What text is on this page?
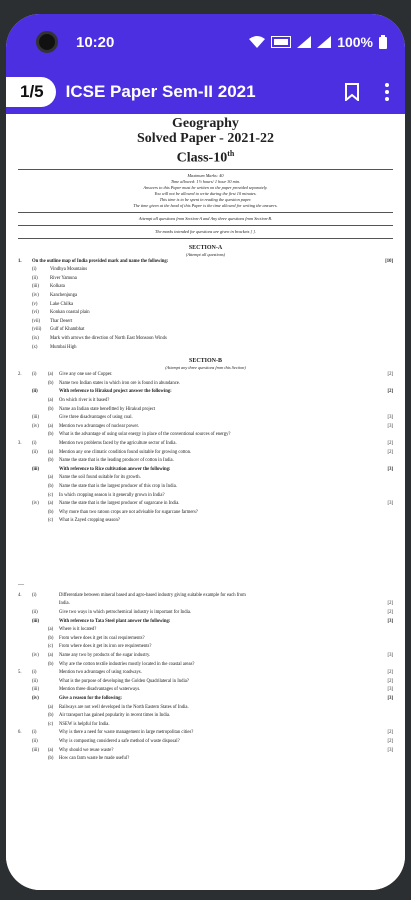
10:20	100%
1/5	ICSE Paper Sem-II 2021
Geography
Solved Paper - 2021-22
Class-10th
Maximum Marks: 40
Time allowed: 1½ hours/ 1 hour 30 min.
Answers to this Paper must be written on the paper provided separately.
You will not be allowed to write during the first 10 minutes.
This time is to be spent in reading the question paper.
The time given at the head of this Paper is the time allowed for writing the answers.
Attempt all questions from Section-A and Any three questions from Section-B.
The marks intended for questions are given in brackets [ ].
SECTION-A
(Attempt all questions)
1.	On the outline map of India provided mark and name the following:	[10]
(i)	Vindhya Mountains
(ii)	River Yamuna
(iii)	Kolkata
(iv)	Kanchenjunga
(v)	Lake Chilka
(vi)	Konkan coastal plain
(vii)	Thar Desert
(viii)	Gulf of Khambhat
(ix)	Mark with arrows the direction of North East Monsoon Winds
(x)	Mumbai High
SECTION-B
(Attempt any three questions from this Section)
2.	(i)	(a)	Give any one use of Copper.	[2]
(b)	Name two Indian states in which iron ore is found in abundance.
(ii)	With reference to Hirakud project answer the following:	[2]
(a)	On which river is it based?
(b)	Name an Indian state benefitted by Hirakud project
(iii)	Give three disadvantages of using coal.	[3]
(iv)	(a)	Mention two advantages of nuclear power.	[3]
(b)	What is the advantage of using solar energy in place of the conventional sources of energy?
3.	(i)	Mention two problems faced by the agriculture sector of India.	[2]
(ii)	(a)	Mention any one climatic condition found suitable for growing cotton.	[2]
(b)	Name the state that is the leading producer of cotton in India.
(iii)	With reference to Rice cultivation answer the following:	[3]
(a)	Name the soil found suitable for its growth.
(b)	Name the state that is the largest producer of this crop in India.
(c)	In which cropping season is it generally grown in India?
(iv)	(a)	Name the state that is the largest producer of sugarcane in India.	[3]
(b)	Why more than two ratoon crops are not advisable for sugarcane farmers?
(c)	What is Zayed cropping season?
—
4.	(i)	Differentiate between mineral based and agro-based industry giving suitable example for each from
India.	[2]
(ii)	Give two ways in which petrochemical industry is important for India.	[2]
(iii)	With reference to Tata Steel plant answer the following:	[3]
(a)	Where is it located?
(b)	From where does it get its coal requirements?
(c)	From where does it get its iron ore requirements?
(iv)	(a)	Name any two by products of the sugar industry.	[3]
(b)	Why are the cotton textile industries mostly located in the coastal areas?
5.	(i)	Mention two advantages of using roadways.	[2]
(ii)	What is the purpose of developing the Golden Quadrilateral in India?	[2]
(iii)	Mention three disadvantages of waterways.	[3]
(iv)	Give a reason for the following:	[3]
(a)	Railways are not well developed in the North Eastern States of India.
(b)	Air transport has gained popularity in recent times in India.
(c)	NSEW is helpful for India.
6.	(i)	Why is there a need for waste management in large metropolitan cities?	[2]
(ii)	Why is composting considered a safe method of waste disposal?	[2]
(iii)	(a)	Why should we reuse waste?	[3]
(b)	How can farm waste be made useful?
